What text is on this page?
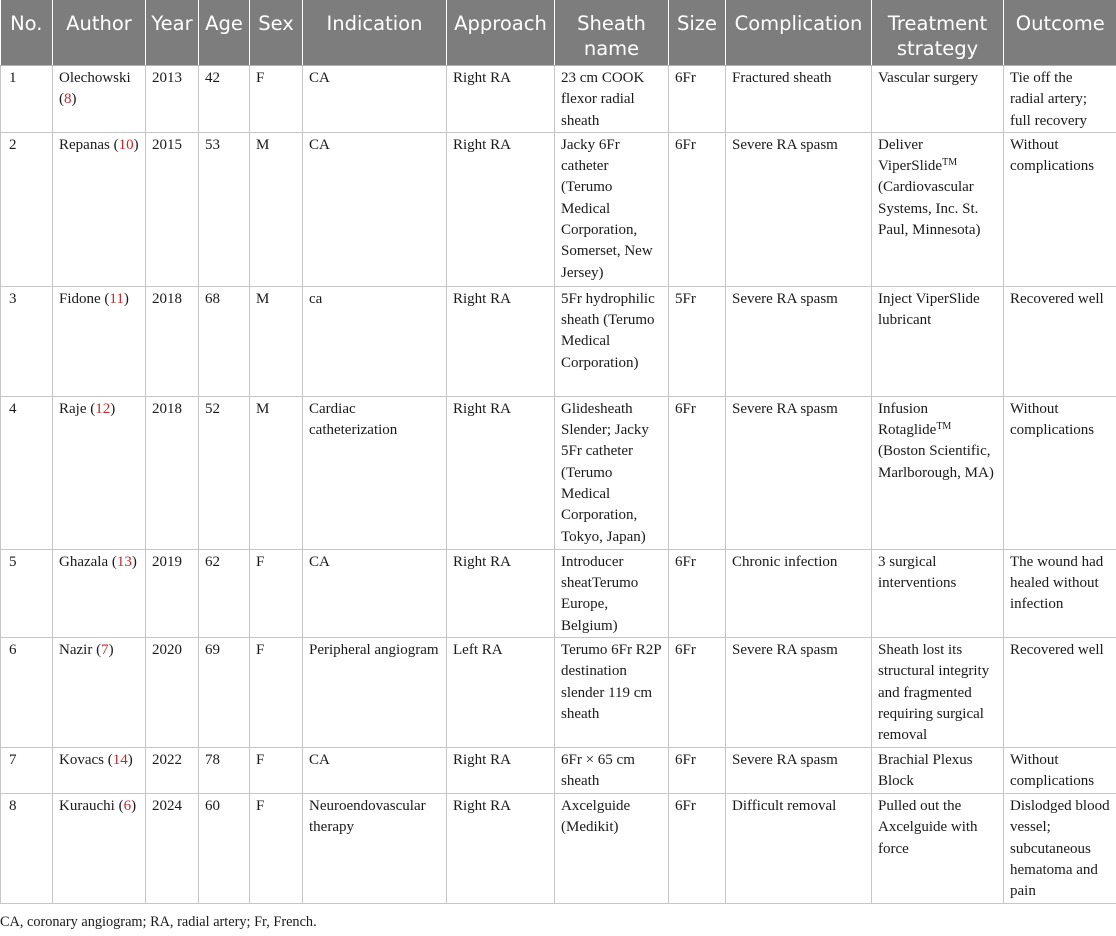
No.	Author	Year	Age	Sex	Indication	Approach	Sheath name	Size	Complication	Treatment strategy	Outcome
1	Olechowski (8)	2013	42	F	CA	Right RA	23 cm COOK flexor radial sheath	6Fr	Fractured sheath	Vascular surgery	Tie off the radial artery; full recovery
2	Repanas (10)	2015	53	M	CA	Right RA	Jacky 6Fr catheter (Terumo Medical Corporation, Somerset, New Jersey)	6Fr	Severe RA spasm	Deliver ViperSlide™ (Cardiovascular Systems, Inc. St. Paul, Minnesota)	Without complications
3	Fidone (11)	2018	68	M	ca	Right RA	5Fr hydrophilic sheath (Terumo Medical Corporation)	5Fr	Severe RA spasm	Inject ViperSlide lubricant	Recovered well
4	Raje (12)	2018	52	M	Cardiac catheterization	Right RA	Glidesheath Slender; Jacky 5Fr catheter (Terumo Medical Corporation, Tokyo, Japan)	6Fr	Severe RA spasm	Infusion Rotaglide™ (Boston Scientific, Marlborough, MA)	Without complications
5	Ghazala (13)	2019	62	F	CA	Right RA	Introducer sheatTerumo Europe, Belgium)	6Fr	Chronic infection	3 surgical interventions	The wound had healed without infection
6	Nazir (7)	2020	69	F	Peripheral angiogram	Left RA	Terumo 6Fr R2P destination slender 119 cm sheath	6Fr	Severe RA spasm	Sheath lost its structural integrity and fragmented requiring surgical removal	Recovered well
7	Kovacs (14)	2022	78	F	CA	Right RA	6Fr × 65 cm sheath	6Fr	Severe RA spasm	Brachial Plexus Block	Without complications
8	Kurauchi (6)	2024	60	F	Neuroendovascular therapy	Right RA	Axcelguide (Medikit)	6Fr	Difficult removal	Pulled out the Axcelguide with force	Dislodged blood vessel; subcutaneous hematoma and pain
CA, coronary angiogram; RA, radial artery; Fr, French.
